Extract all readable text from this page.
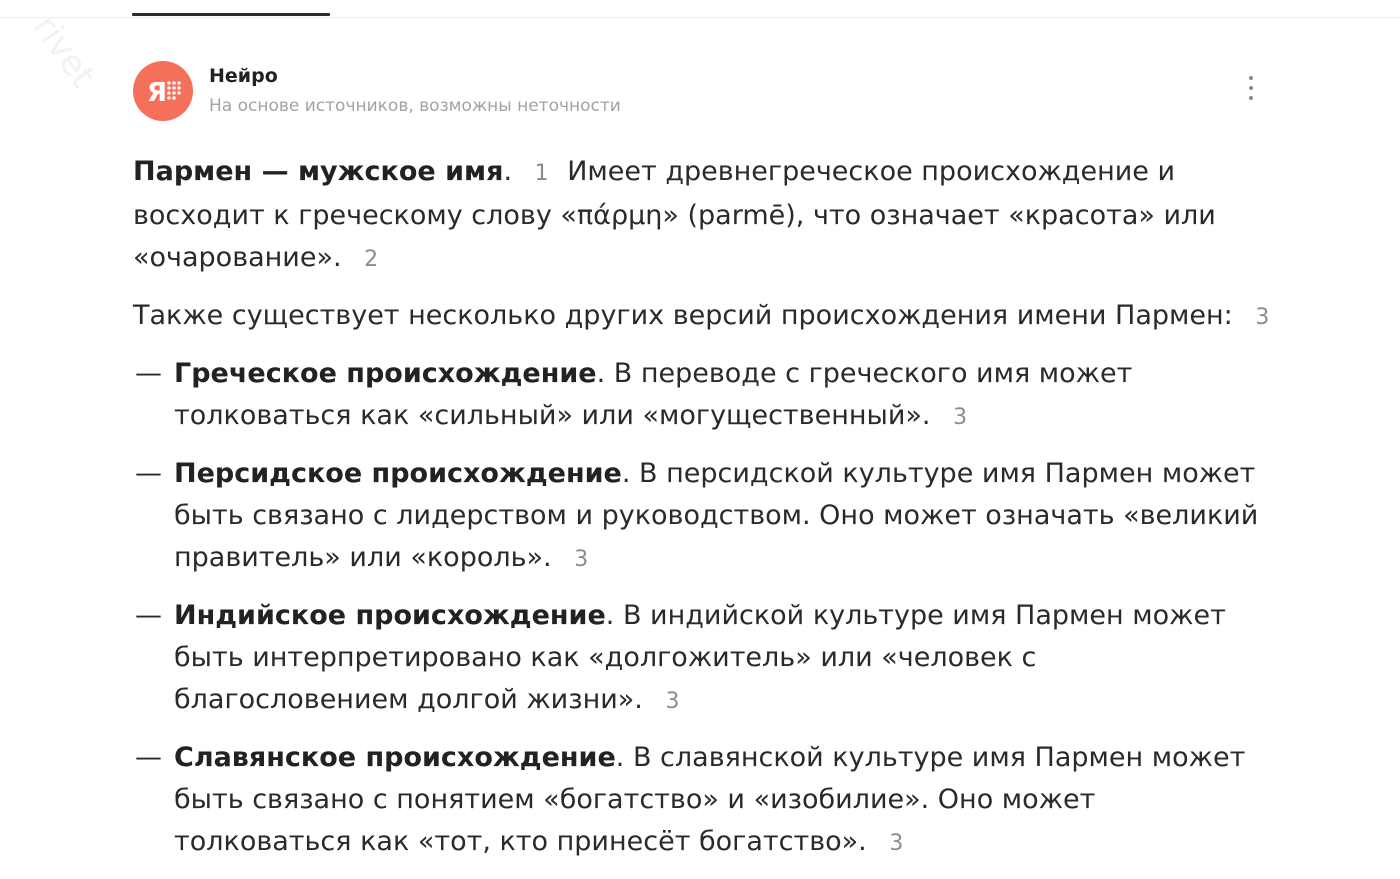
rivet Я
Нейро
На основе источников, возможны неточности

Пармен — мужское имя. 1 Имеет древнегреческое происхождение и восходит к греческому слову «πάρμη» (parmē), что означает «красота» или «очарование». 2

Также существует несколько других версий происхождения имени Пармен: 3

— Греческое происхождение. В переводе с греческого имя может толковаться как «сильный» или «могущественный». 3
— Персидское происхождение. В персидской культуре имя Пармен может быть связано с лидерством и руководством. Оно может означать «великий правитель» или «король». 3
— Индийское происхождение. В индийской культуре имя Пармен может быть интерпретировано как «долгожитель» или «человек с благословением долгой жизни». 3
— Славянское происхождение. В славянской культуре имя Пармен может быть связано с понятием «богатство» и «изобилие». Оно может толковаться как «тот, кто принесёт богатство». 3
